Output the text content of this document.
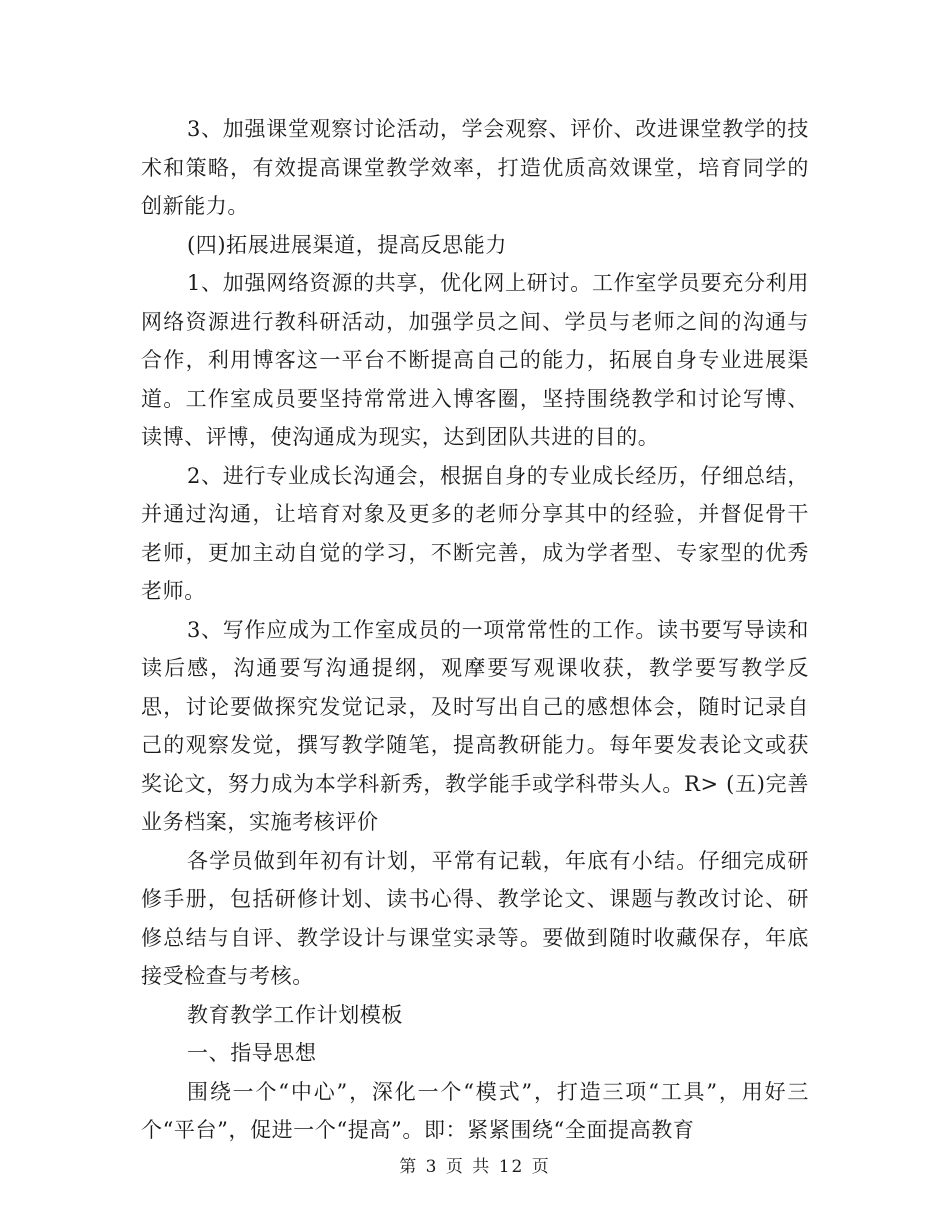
3、加强课堂观察讨论活动，学会观察、评价、改进课堂教学的技术和策略，有效提高课堂教学效率，打造优质高效课堂，培育同学的创新能力。

(四)拓展进展渠道，提高反思能力

1、加强网络资源的共享，优化网上研讨。工作室学员要充分利用网络资源进行教科研活动，加强学员之间、学员与老师之间的沟通与合作，利用博客这一平台不断提高自己的能力，拓展自身专业进展渠道。工作室成员要坚持常常进入博客圈，坚持围绕教学和讨论写博、读博、评博，使沟通成为现实，达到团队共进的目的。

2、进行专业成长沟通会，根据自身的专业成长经历，仔细总结，并通过沟通，让培育对象及更多的老师分享其中的经验，并督促骨干老师，更加主动自觉的学习，不断完善，成为学者型、专家型的优秀老师。

3、写作应成为工作室成员的一项常常性的工作。读书要写导读和读后感，沟通要写沟通提纲，观摩要写观课收获，教学要写教学反思，讨论要做探究发觉记录，及时写出自己的感想体会，随时记录自己的观察发觉，撰写教学随笔，提高教研能力。每年要发表论文或获奖论文，努力成为本学科新秀，教学能手或学科带头人。R> (五)完善业务档案，实施考核评价

各学员做到年初有计划，平常有记载，年底有小结。仔细完成研修手册，包括研修计划、读书心得、教学论文、课题与教改讨论、研修总结与自评、教学设计与课堂实录等。要做到随时收藏保存，年底接受检查与考核。

教育教学工作计划模板

一、指导思想

围绕一个“中心”，深化一个“模式”，打造三项“工具”，用好三个“平台”，促进一个“提高”。即：紧紧围绕“全面提高教育

第 3 页 共 12 页
